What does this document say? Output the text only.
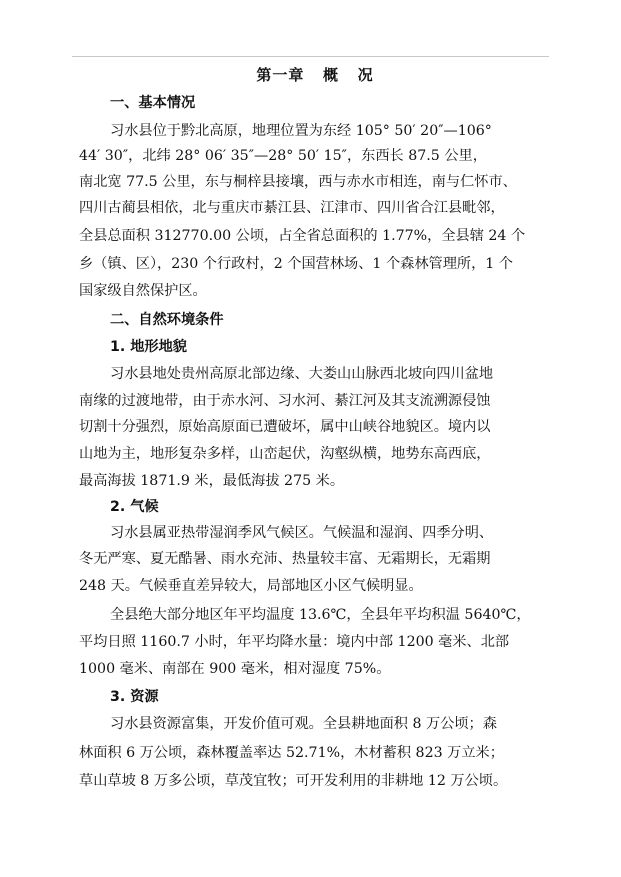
第一章   概   况
一、基本情况
习水县位于黔北高原，地理位置为东经 105° 50′ 20″—106°
44′ 30″，北纬 28° 06′ 35″—28° 50′ 15″，东西长 87.5 公里，
南北宽 77.5 公里，东与桐梓县接壤，西与赤水市相连，南与仁怀市、
四川古蔺县相依，北与重庆市綦江县、江津市、四川省合江县毗邻，
全县总面积 312770.00 公顷，占全省总面积的 1.77%，全县辖 24 个
乡（镇、区），230 个行政村，2 个国营林场、1 个森林管理所，1 个
国家级自然保护区。
二、自然环境条件
1. 地形地貌
习水县地处贵州高原北部边缘、大娄山山脉西北坡向四川盆地
南缘的过渡地带，由于赤水河、习水河、綦江河及其支流溯源侵蚀
切割十分强烈，原始高原面已遭破坏，属中山峡谷地貌区。境内以
山地为主，地形复杂多样，山峦起伏，沟壑纵横，地势东高西底，
最高海拔 1871.9 米，最低海拔 275 米。
2. 气候
习水县属亚热带湿润季风气候区。气候温和湿润、四季分明、
冬无严寒、夏无酷暑、雨水充沛、热量较丰富、无霜期长，无霜期
248 天。气候垂直差异较大，局部地区小区气候明显。
全县绝大部分地区年平均温度 13.6℃，全县年平均积温 5640℃，
平均日照 1160.7 小时，年平均降水量：境内中部 1200 毫米、北部
1000 毫米、南部在 900 毫米，相对湿度 75%。
3. 资源
习水县资源富集，开发价值可观。全县耕地面积 8 万公顷；森
林面积 6 万公顷，森林覆盖率达 52.71%，木材蓄积 823 万立米；
草山草坡 8 万多公顷，草茂宜牧；可开发利用的非耕地 12 万公顷。
